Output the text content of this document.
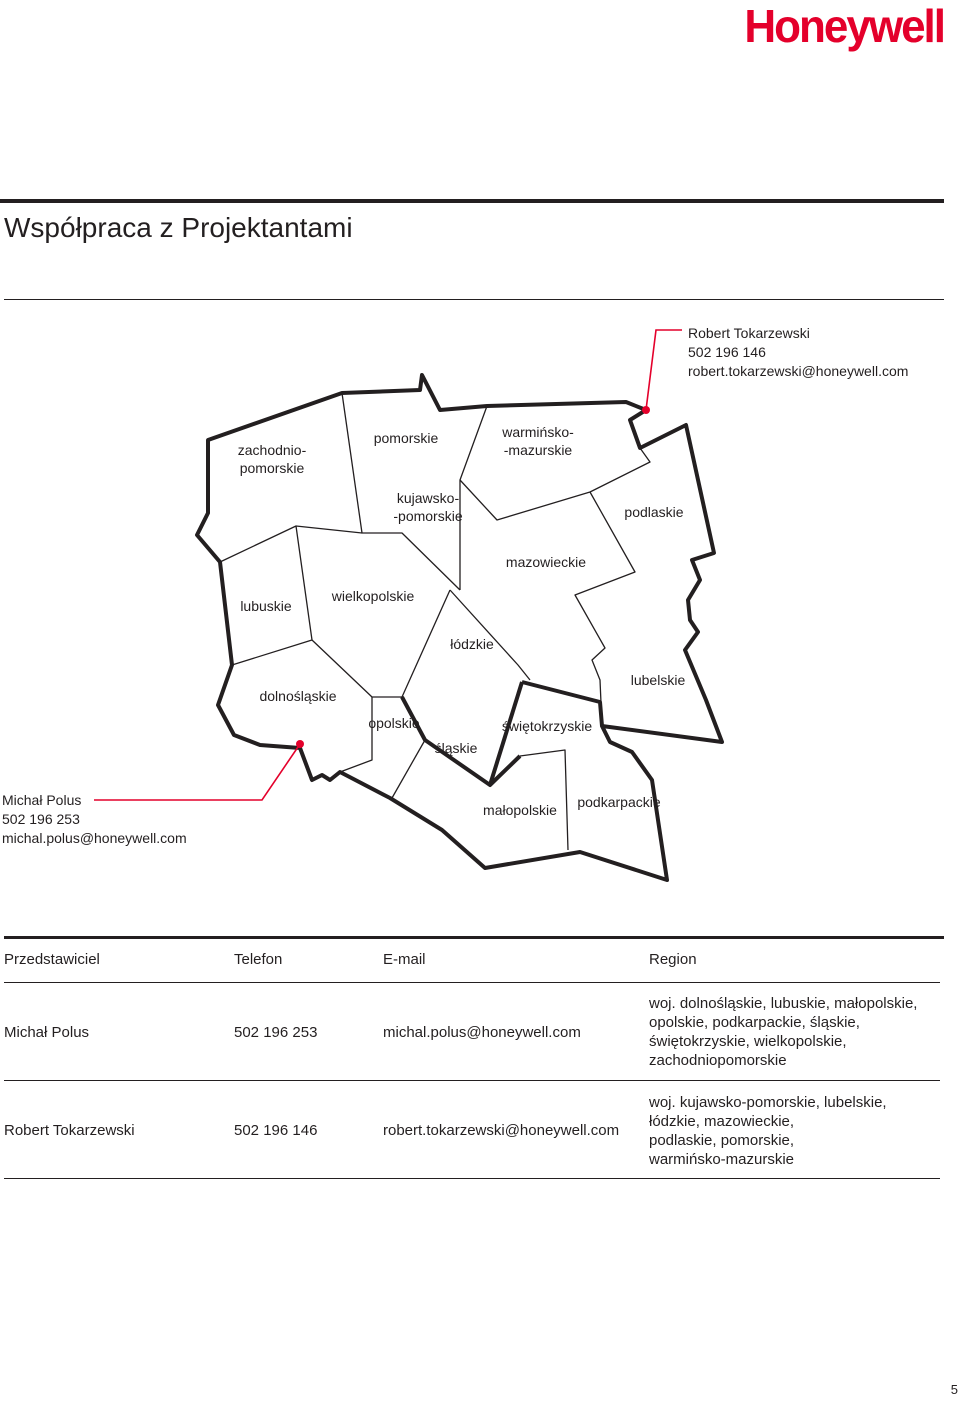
Honeywell
Współpraca z Projektantami
zachodnio-pomorskie
pomorskie	warmińsko--mazurskie
kujawsko--pomorskie	podlaskie
mazowieckie
lubuskie
wielkopolskie
łódzkie
lubelskie
dolnośląskie
opolskie	świętokrzyskie
śląskie
małopolskie podkarpackie
Robert Tokarzewski
502 196 146
robert.tokarzewski@honeywell.com
Michał Polus
502 196 253
michal.polus@honeywell.com
Przedstawiciel	Telefon	E-mail	Region
Michał Polus	502 196 253	michal.polus@honeywell.com
woj. dolnośląskie, lubuskie, małopolskie,
opolskie, podkarpackie, śląskie,
świętokrzyskie, wielkopolskie,
zachodniopomorskie
Robert Tokarzewski	502 196 146	robert.tokarzewski@honeywell.com
woj. kujawsko-pomorskie, lubelskie,
łódzkie, mazowieckie,
podlaskie, pomorskie,
warmińsko-mazurskie
5
